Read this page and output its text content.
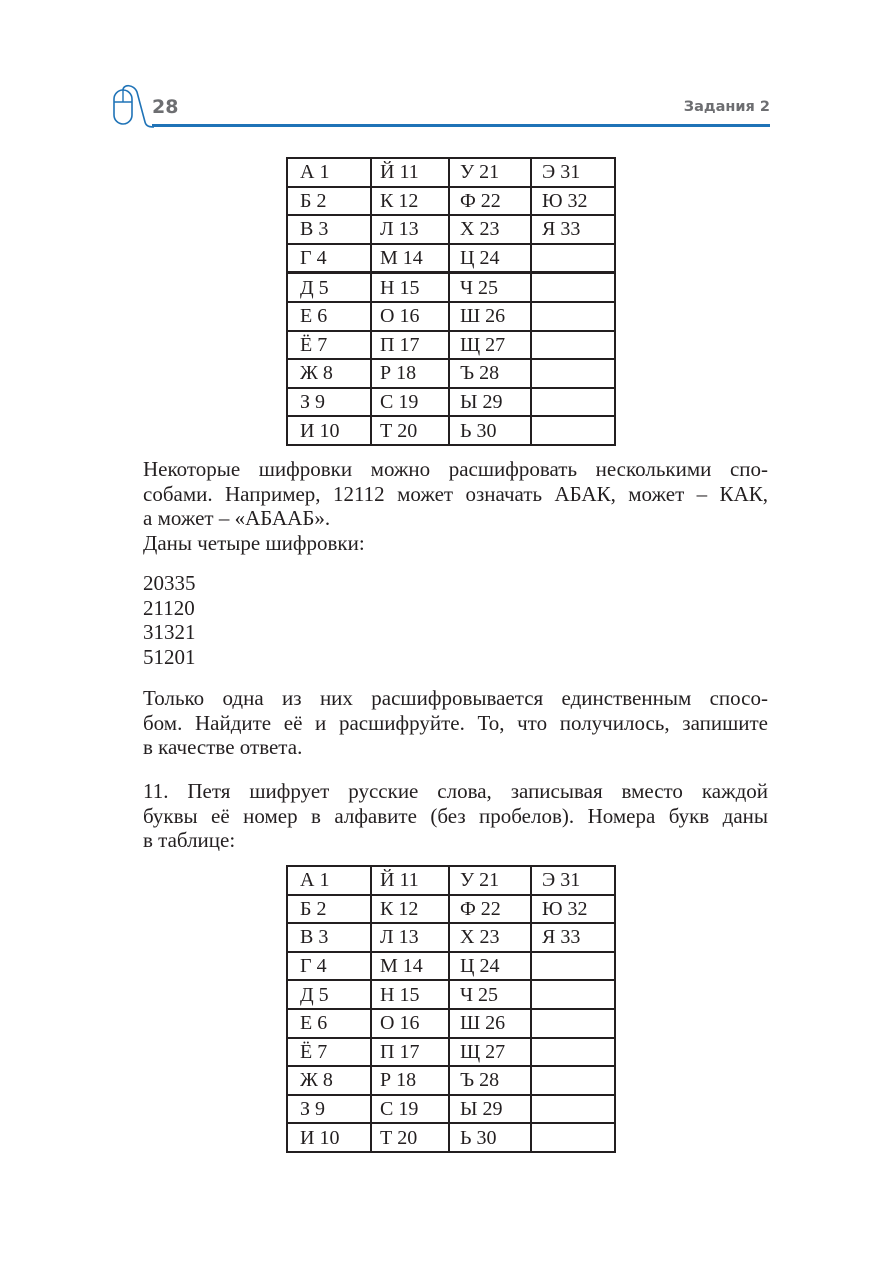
28	Задания 2
А 1	Й 11	У 21	Э 31
Б 2	К 12	Ф 22	Ю 32
В 3	Л 13	Х 23	Я 33
Г 4	М 14	Ц 24	
Д 5	Н 15	Ч 25	
Е 6	О 16	Ш 26	
Ё 7	П 17	Щ 27	
Ж 8	Р 18	Ъ 28	
З 9	С 19	Ы 29	
И 10	Т 20	Ь 30	
Некоторые шифровки можно расшифровать несколькими спо-
собами. Например, 12112 может означать АБАК, может – КАК,
а может – «АБААБ».
Даны четыре шифровки:
20335
21120
31321
51201
Только одна из них расшифровывается единственным спосо-
бом. Найдите её и расшифруйте. То, что получилось, запишите
в качестве ответа.
11. Петя шифрует русские слова, записывая вместо каждой
буквы её номер в алфавите (без пробелов). Номера букв даны
в таблице:
А 1	Й 11	У 21	Э 31
Б 2	К 12	Ф 22	Ю 32
В 3	Л 13	Х 23	Я 33
Г 4	М 14	Ц 24	
Д 5	Н 15	Ч 25	
Е 6	О 16	Ш 26	
Ё 7	П 17	Щ 27	
Ж 8	Р 18	Ъ 28	
З 9	С 19	Ы 29	
И 10	Т 20	Ь 30	
